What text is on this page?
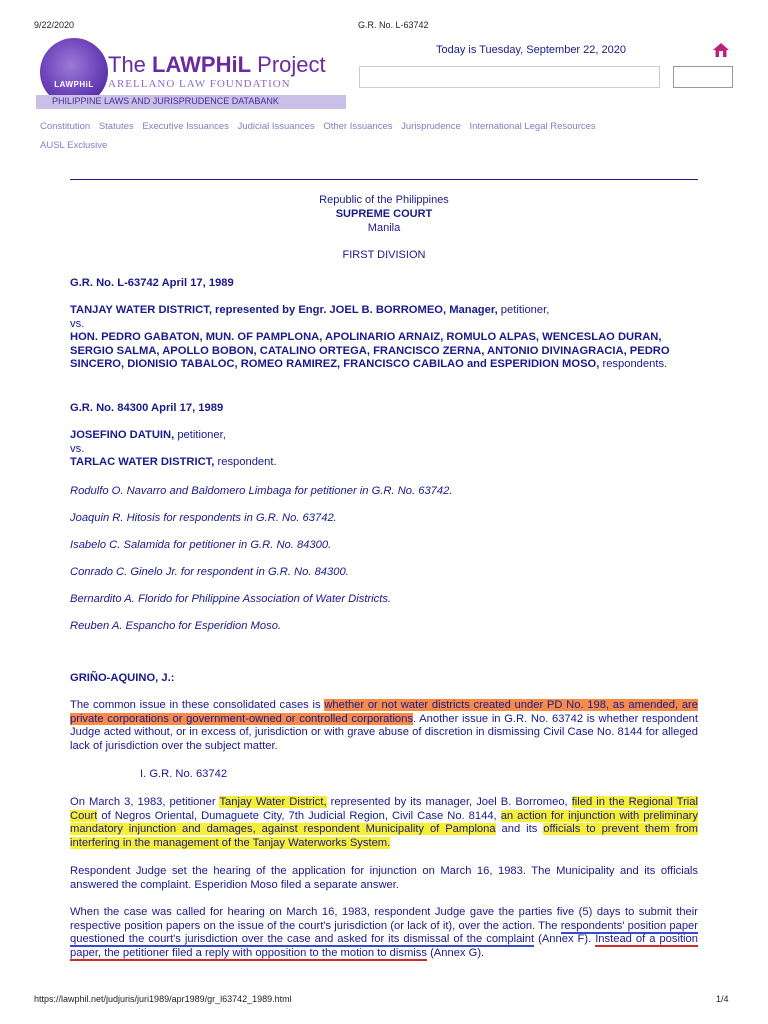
9/22/2020	G.R. No. L-63742
LAWPHiL
PHILIPPINE LAWS AND JURISPRUDENCE DATABANK
The LAWPHiL Project
ARELLANO LAW FOUNDATION
Today is Tuesday, September 22, 2020
Constitution Statutes Executive Issuances Judicial Issuances Other Issuances Jurisprudence International Legal Resources
AUSL Exclusive
Republic of the Philippines
SUPREME COURT
Manila
FIRST DIVISION
G.R. No. L-63742 April 17, 1989
TANJAY WATER DISTRICT, represented by Engr. JOEL B. BORROMEO, Manager, petitioner,
vs.
HON. PEDRO GABATON, MUN. OF PAMPLONA, APOLINARIO ARNAIZ, ROMULO ALPAS, WENCESLAO DURAN, SERGIO SALMA, APOLLO BOBON, CATALINO ORTEGA, FRANCISCO ZERNA, ANTONIO DIVINAGRACIA, PEDRO SINCERO, DIONISIO TABALOC, ROMEO RAMIREZ, FRANCISCO CABILAO and ESPERIDION MOSO, respondents.
G.R. No. 84300 April 17, 1989
JOSEFINO DATUIN, petitioner,
vs.
TARLAC WATER DISTRICT, respondent.
Rodulfo O. Navarro and Baldomero Limbaga for petitioner in G.R. No. 63742.
Joaquin R. Hitosis for respondents in G.R. No. 63742.
Isabelo C. Salamida for petitioner in G.R. No. 84300.
Conrado C. Ginelo Jr. for respondent in G.R. No. 84300.
Bernardito A. Florido for Philippine Association of Water Districts.
Reuben A. Espancho for Esperidion Moso.
GRIÑO-AQUINO, J.:
The common issue in these consolidated cases is whether or not water districts created under PD No. 198, as amended, are private corporations or government-owned or controlled corporations. Another issue in G.R. No. 63742 is whether respondent Judge acted without, or in excess of, jurisdiction or with grave abuse of discretion in dismissing Civil Case No. 8144 for alleged lack of jurisdiction over the subject matter.
I. G.R. No. 63742
On March 3, 1983, petitioner Tanjay Water District, represented by its manager, Joel B. Borromeo, filed in the Regional Trial Court of Negros Oriental, Dumaguete City, 7th Judicial Region, Civil Case No. 8144, an action for injunction with preliminary mandatory injunction and damages, against respondent Municipality of Pamplona and its officials to prevent them from interfering in the management of the Tanjay Waterworks System.
Respondent Judge set the hearing of the application for injunction on March 16, 1983. The Municipality and its officials answered the complaint. Esperidion Moso filed a separate answer.
When the case was called for hearing on March 16, 1983, respondent Judge gave the parties five (5) days to submit their respective position papers on the issue of the court's jurisdiction (or lack of it), over the action. The respondents' position paper questioned the court's jurisdiction over the case and asked for its dismissal of the complaint (Annex F). Instead of a position paper, the petitioner filed a reply with opposition to the motion to dismiss (Annex G).
https://lawphil.net/judjuris/juri1989/apr1989/gr_l63742_1989.html	1/4
